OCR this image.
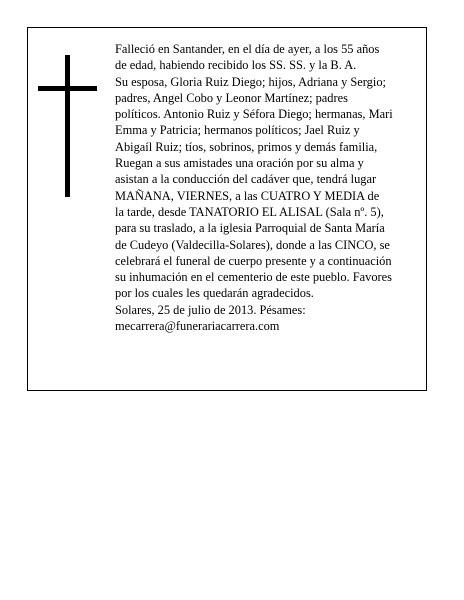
Falleció en Santander, en el día de ayer, a los 55 años
de edad, habiendo recibido los SS. SS. y la B. A.
Su esposa, Gloria Ruiz Diego; hijos, Adriana y Sergio;
padres, Angel Cobo y Leonor Martínez; padres
políticos. Antonio Ruiz y Séfora Diego; hermanas, Mari
Emma y Patricia; hermanos políticos; Jael Ruiz y
Abigaíl Ruiz; tíos, sobrinos, primos y demás familia,
Ruegan a sus amistades una oración por su alma y
asistan a la conducción del cadáver que, tendrá lugar
MAÑANA, VIERNES, a las CUATRO Y MEDIA de
la tarde, desde TANATORIO EL ALISAL (Sala nº. 5),
para su traslado, a la iglesia Parroquial de Santa María
de Cudeyo (Valdecilla-Solares), donde a las CINCO, se
celebrará el funeral de cuerpo presente y a continuación
su inhumación en el cementerio de este pueblo. Favores
por los cuales les quedarán agradecidos.
Solares, 25 de julio de 2013. Pésames:
mecarrera@funerariacarrera.com
